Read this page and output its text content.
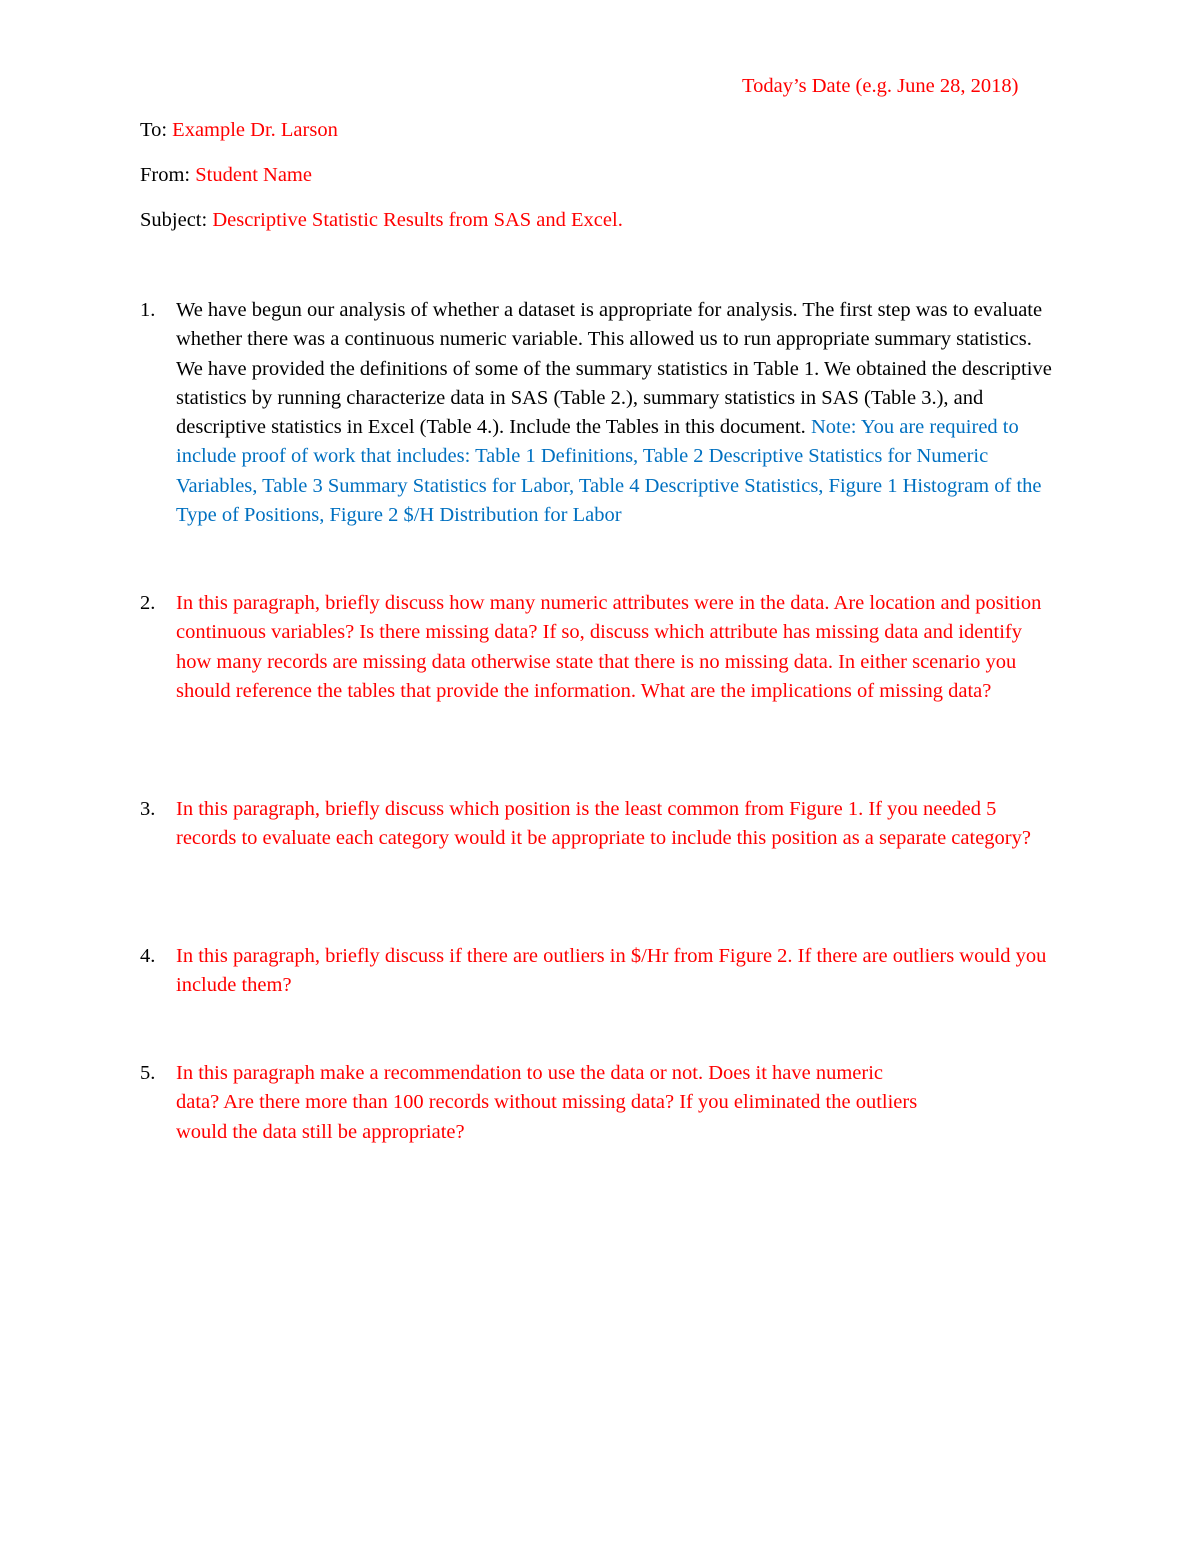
Today’s Date (e.g. June 28, 2018)
To: Example Dr. Larson
From: Student Name
Subject: Descriptive Statistic Results from SAS and Excel.
1.	We have begun our analysis of whether a dataset is appropriate for analysis. The first step was to evaluate whether there was a continuous numeric variable. This allowed us to run appropriate summary statistics. We have provided the definitions of some of the summary statistics in Table 1. We obtained the descriptive statistics by running characterize data in SAS (Table 2.), summary statistics in SAS (Table 3.), and descriptive statistics in Excel (Table 4.). Include the Tables in this document. Note: You are required to include proof of work that includes: Table 1 Definitions, Table 2 Descriptive Statistics for Numeric Variables, Table 3 Summary Statistics for Labor, Table 4 Descriptive Statistics, Figure 1 Histogram of the Type of Positions, Figure 2 $/H Distribution for Labor
2.	In this paragraph, briefly discuss how many numeric attributes were in the data. Are location and position continuous variables? Is there missing data? If so, discuss which attribute has missing data and identify how many records are missing data otherwise state that there is no missing data. In either scenario you should reference the tables that provide the information. What are the implications of missing data?
3.	In this paragraph, briefly discuss which position is the least common from Figure 1. If you needed 5 records to evaluate each category would it be appropriate to include this position as a separate category?
4.	In this paragraph, briefly discuss if there are outliers in $/Hr from Figure 2. If there are outliers would you include them?
5.	In this paragraph make a recommendation to use the data or not. Does it have numeric data? Are there more than 100 records without missing data? If you eliminated the outliers would the data still be appropriate?
